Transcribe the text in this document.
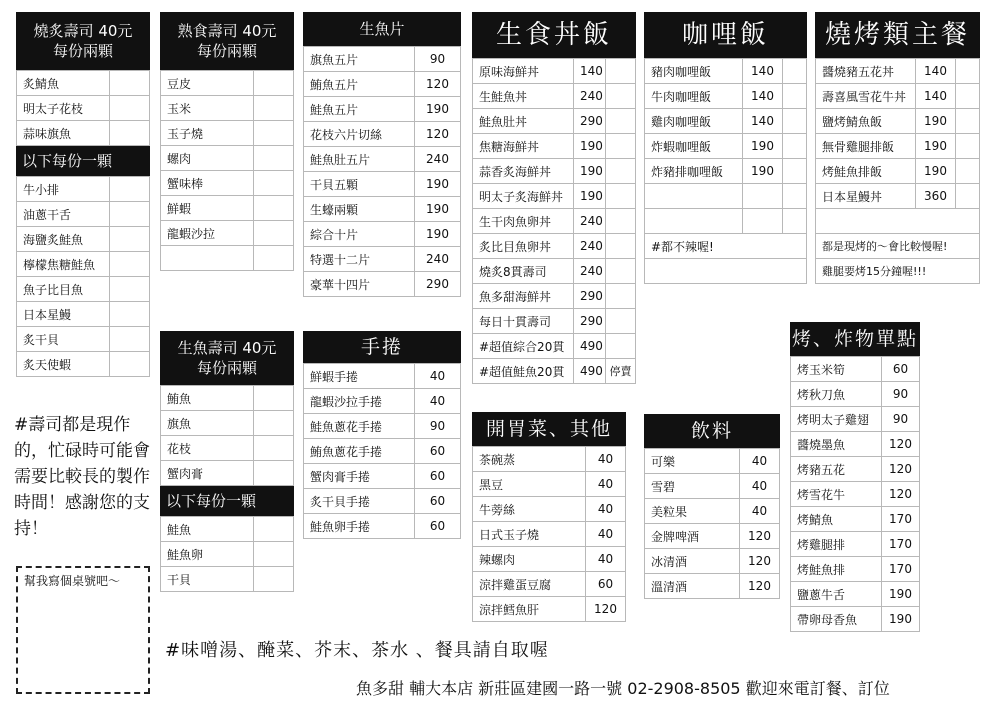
燒炙壽司 40元
每份兩顆
炙鯖魚	
明太子花枝	
蒜味旗魚	
以下每份一顆
牛小排	
油蔥干舌	
海鹽炙鮭魚	
檸檬焦糖鮭魚	
魚子比目魚	
日本星鰻	
炙干貝	
炙天使蝦	
熟食壽司 40元
每份兩顆
豆皮	
玉米	
玉子燒	
螺肉	
蟹味棒	
鮮蝦	
龍蝦沙拉	

生魚片
旗魚五片	90
鮪魚五片	120
鮭魚五片	190
花枝六片切絲	120
鮭魚肚五片	240
干貝五顆	190
生蠔兩顆	190
綜合十片	190
特選十二片	240
豪華十四片	290
生食丼飯
原味海鮮丼	140	
生鮭魚丼	240	
鮭魚肚丼	290	
焦糖海鮮丼	190	
蒜香炙海鮮丼	190	
明太子炙海鮮丼	190	
生干肉魚卵丼	240	
炙比目魚卵丼	240	
燒炙8貫壽司	240	
魚多甜海鮮丼	290	
每日十貫壽司	290	
#超值綜合20貫	490	
#超值鮭魚20貫	490	停賣
咖哩飯
豬肉咖哩飯	140	
牛肉咖哩飯	140	
雞肉咖哩飯	140	
炸蝦咖哩飯	190	
炸豬排咖哩飯	190	

#都不辣喔!		

燒烤類主餐
醬燒豬五花丼	140	
壽喜風雪花牛丼	140	
鹽烤鯖魚飯	190	
無骨雞腿排飯	190	
烤鮭魚排飯	190	
日本星鰻丼	360	

都是現烤的～會比較慢喔!		
雞腿要烤15分鐘喔!!!		
生魚壽司 40元
每份兩顆
鮪魚	
旗魚	
花枝	
蟹肉膏	
以下每份一顆
鮭魚	
鮭魚卵	
干貝	
手捲
鮮蝦手捲	40
龍蝦沙拉手捲	40
鮭魚蔥花手捲	90
鮪魚蔥花手捲	60
蟹肉膏手捲	60
炙干貝手捲	60
鮭魚卵手捲	60
開胃菜、其他
茶碗蒸	40
黑豆	40
牛蒡絲	40
日式玉子燒	40
辣螺肉	40
涼拌雞蛋豆腐	60
涼拌鱈魚肝	120
飲料
可樂	40
雪碧	40
美粒果	40
金牌啤酒	120
冰清酒	120
溫清酒	120
烤、炸物單點
烤玉米筍	60
烤秋刀魚	90
烤明太子雞翅	90
醬燒墨魚	120
烤豬五花	120
烤雪花牛	120
烤鯖魚	170
烤雞腿排	170
烤鮭魚排	170
鹽蔥牛舌	190
帶卵母香魚	190
#壽司都是現作的，忙碌時可能會需要比較長的製作時間！感謝您的支持！
幫我寫個桌號吧～
#味噌湯、醃菜、芥末、茶水 、餐具請自取喔
魚多甜 輔大本店 新莊區建國一路一號 02-2908-8505 歡迎來電訂餐、訂位
